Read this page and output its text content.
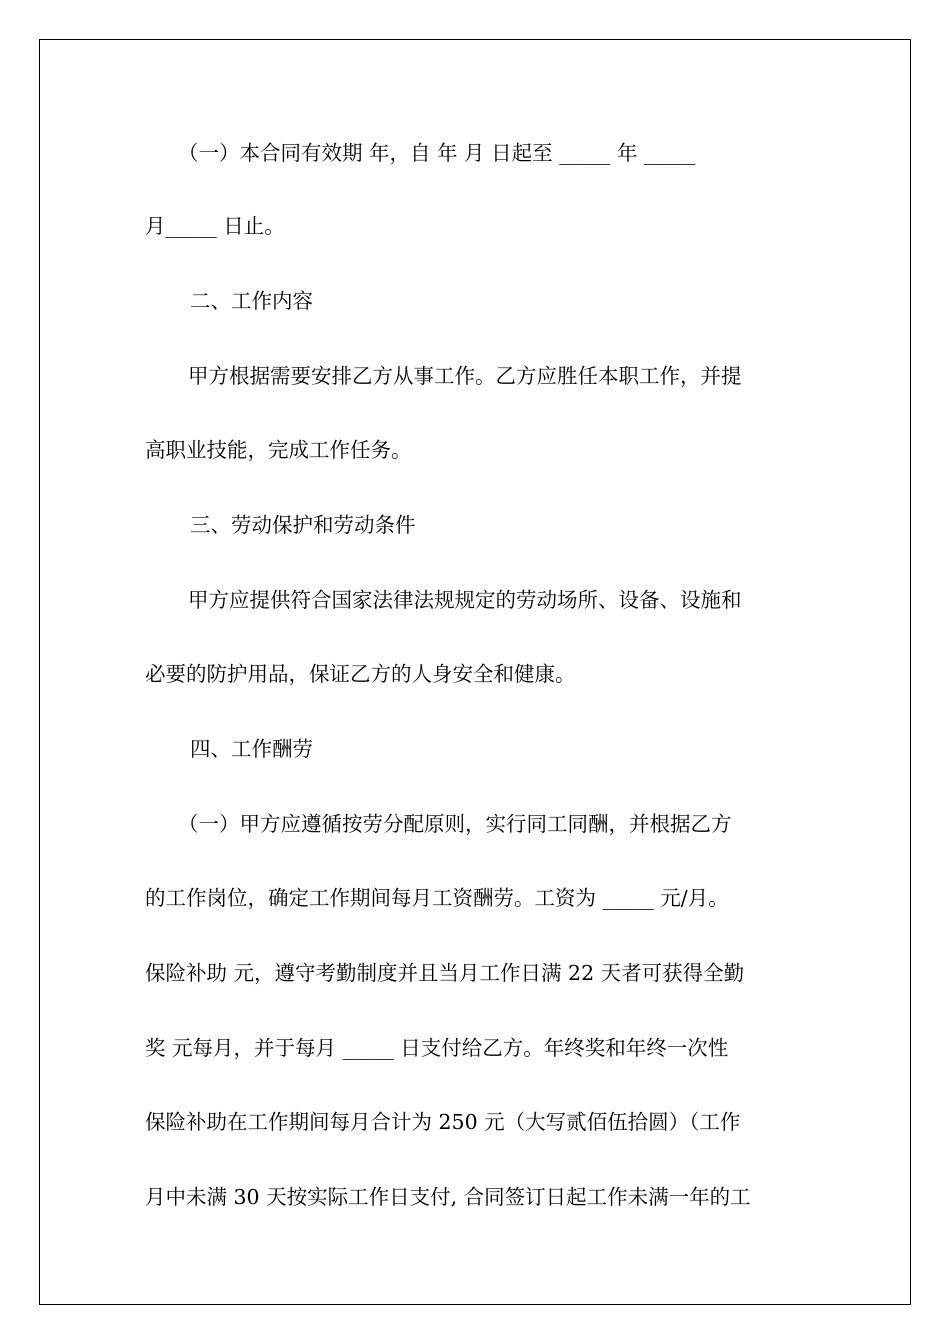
（一）本合同有效期 年，自 年 月 日起至 _____ 年 _____
月_____ 日止。
二、工作内容
甲方根据需要安排乙方从事工作。乙方应胜任本职工作，并提
高职业技能，完成工作任务。
三、劳动保护和劳动条件
甲方应提供符合国家法律法规规定的劳动场所、设备、设施和
必要的防护用品，保证乙方的人身安全和健康。
四、工作酬劳
（一）甲方应遵循按劳分配原则，实行同工同酬，并根据乙方
的工作岗位，确定工作期间每月工资酬劳。工资为 _____ 元/月。
保险补助 元，遵守考勤制度并且当月工作日满 22 天者可获得全勤
奖 元每月，并于每月 _____ 日支付给乙方。年终奖和年终一次性
保险补助在工作期间每月合计为 250 元（大写贰佰伍拾圆）（工作
月中未满 30 天按实际工作日支付, 合同签订日起工作未满一年的工
